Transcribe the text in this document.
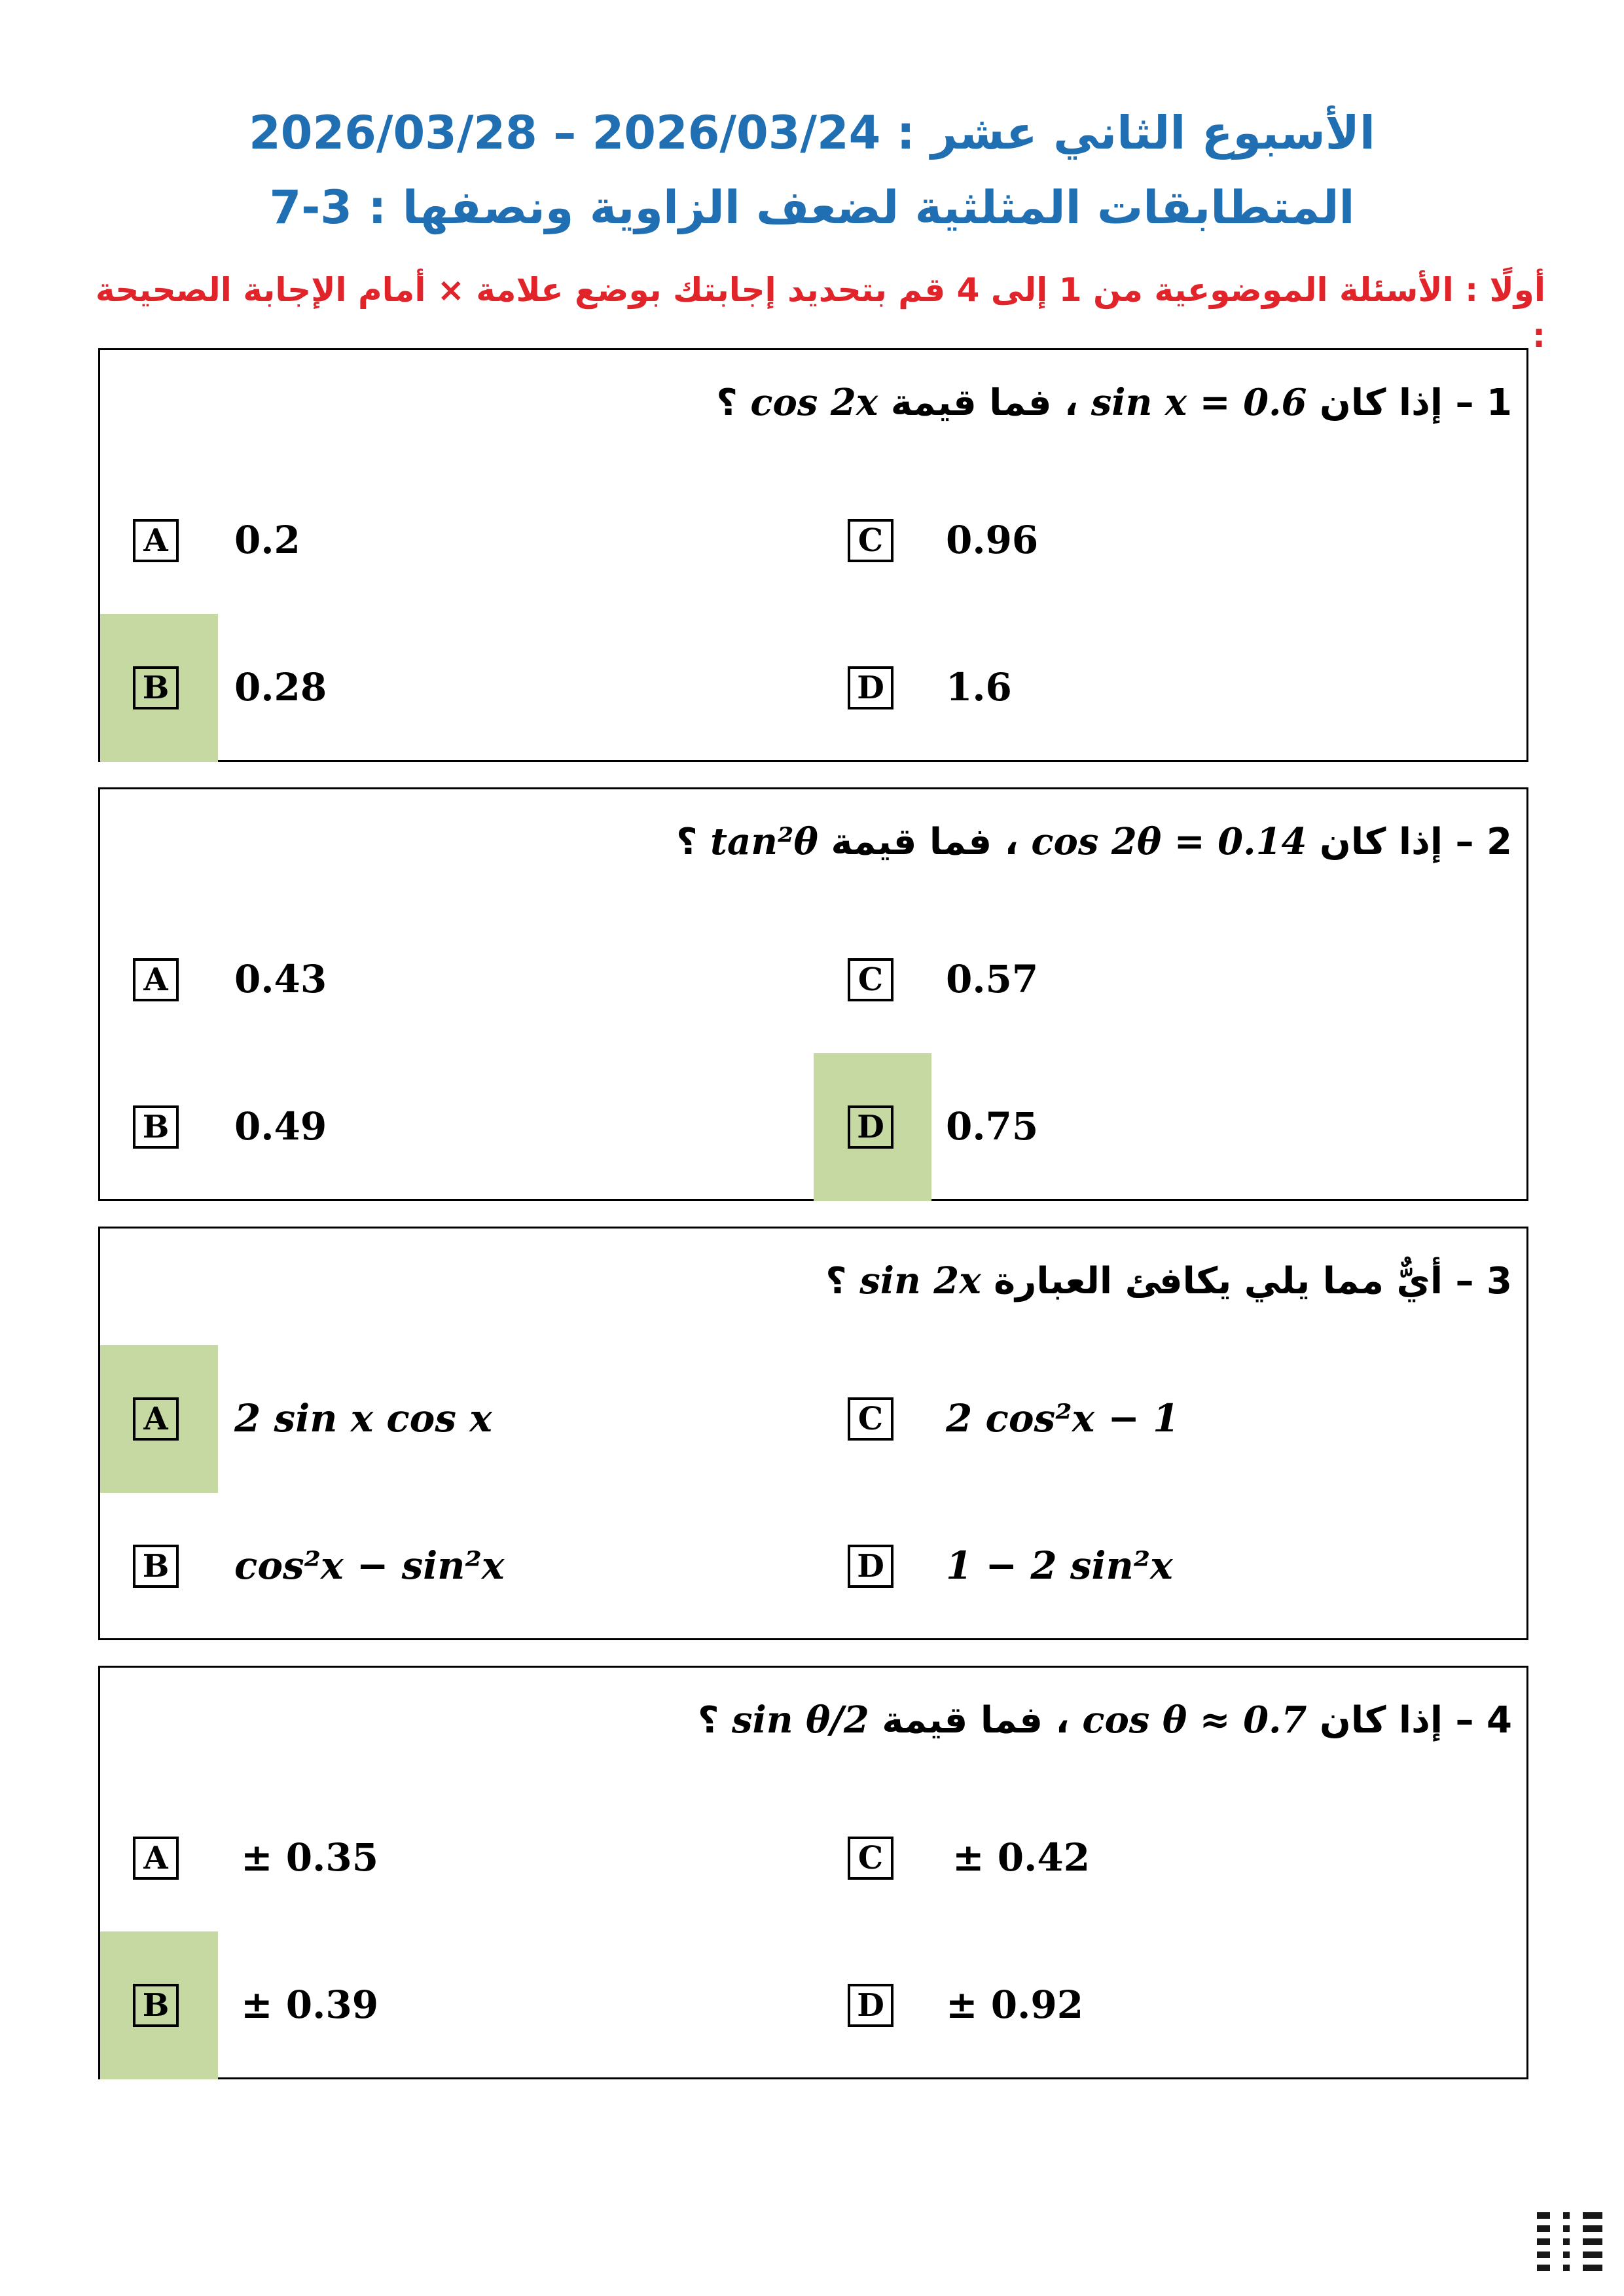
الأسبوع الثاني عشر : 2026/03/24 – 2026/03/28
7-3 : المتطابقات المثلثية لضعف الزاوية ونصفها
أولًا : الأسئلة الموضوعية من 1 إلى 4 قم بتحديد إجابتك بوضع علامة × أمام الإجابة الصحيحة :
1 – إذا كان sin x = 0.6 ، فما قيمة cos 2x ؟
A 0.2
B 0.28
C 0.96
D 1.6
2 – إذا كان cos 2θ = 0.14 ، فما قيمة tan²θ ؟
A 0.43
B 0.49
C 0.57
D 0.75
3 – أيٌّ مما يلي يكافئ العبارة sin 2x ؟
A 2 sin x cos x
B cos²x − sin²x
C 2 cos²x − 1
D 1 − 2 sin²x
4 – إذا كان cos θ ≈ 0.7 ، فما قيمة sin θ/2 ؟
A ± 0.35
B ± 0.39
C ± 0.42
D ± 0.92
